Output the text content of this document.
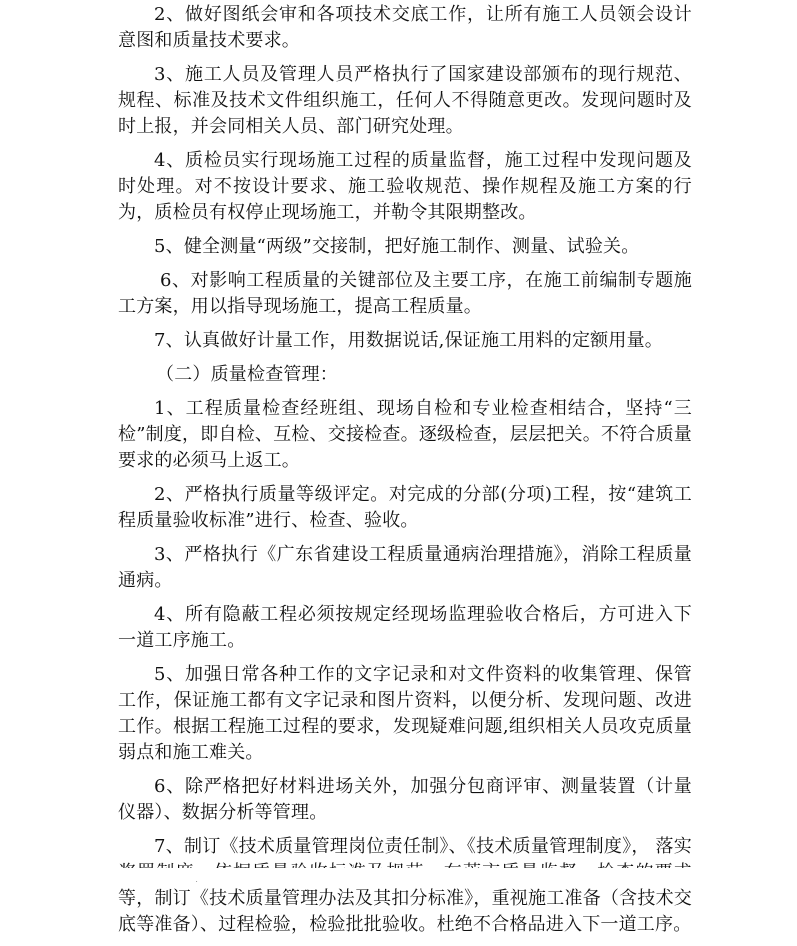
2、做好图纸会审和各项技术交底工作，让所有施工人员领会设计意图和质量技术要求。

3、施工人员及管理人员严格执行了国家建设部颁布的现行规范、规程、标准及技术文件组织施工，任何人不得随意更改。发现问题时及时上报，并会同相关人员、部门研究处理。

4、质检员实行现场施工过程的质量监督，施工过程中发现问题及时处理。对不按设计要求、施工验收规范、操作规程及施工方案的行为，质检员有权停止现场施工，并勒令其限期整改。

5、健全测量“两级”交接制，把好施工制作、测量、试验关。

6、对影响工程质量的关键部位及主要工序，在施工前编制专题施工方案，用以指导现场施工，提高工程质量。

7、认真做好计量工作，用数据说话,保证施工用料的定额用量。

（二）质量检查管理：

1、工程质量检查经班组、现场自检和专业检查相结合，坚持“三检”制度，即自检、互检、交接检查。逐级检查，层层把关。不符合质量要求的必须马上返工。

2、严格执行质量等级评定。对完成的分部(分项)工程，按“建筑工程质量验收标准”进行、检查、验收。

3、严格执行《广东省建设工程质量通病治理措施》，消除工程质量通病。

4、所有隐蔽工程必须按规定经现场监理验收合格后，方可进入下一道工序施工。

5、加强日常各种工作的文字记录和对文件资料的收集管理、保管工作，保证施工都有文字记录和图片资料，以便分析、发现问题、改进工作。根据工程施工过程的要求，发现疑难问题,组织相关人员攻克质量弱点和施工难关。

6、除严格把好材料进场关外，加强分包商评审、测量装置（计量仪器）、数据分析等管理。

7、制订《技术质量管理岗位责任制》、《技术质量管理制度》， 落实 等，制订《技术质量管理办法及其扣分标准》，重视施工准备（含技术交底等准备）、过程检验，检验批批验收。杜绝不合格品进入下一道工序。
